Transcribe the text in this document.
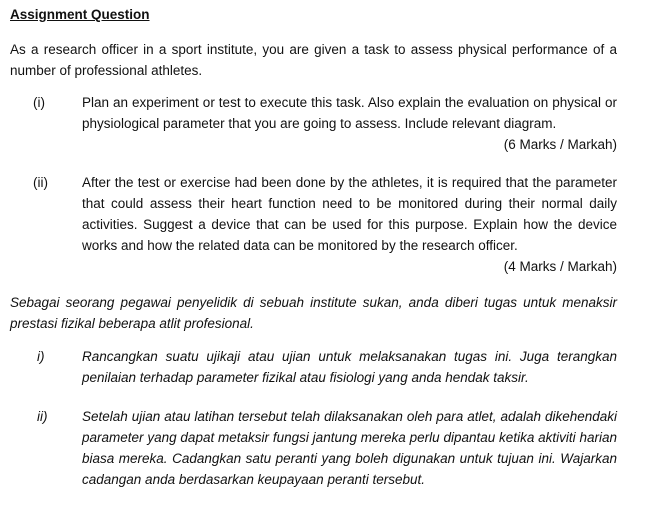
Assignment Question
As a research officer in a sport institute, you are given a task to assess physical performance of a number of professional athletes.
(i)	Plan an experiment or test to execute this task. Also explain the evaluation on physical or physiological parameter that you are going to assess. Include relevant diagram.
(6 Marks / Markah)
(ii)	After the test or exercise had been done by the athletes, it is required that the parameter that could assess their heart function need to be monitored during their normal daily activities. Suggest a device that can be used for this purpose. Explain how the device works and how the related data can be monitored by the research officer.
(4 Marks / Markah)
Sebagai seorang pegawai penyelidik di sebuah institute sukan, anda diberi tugas untuk menaksir prestasi fizikal beberapa atlit profesional.
i)	Rancangkan suatu ujikaji atau ujian untuk melaksanakan tugas ini. Juga terangkan penilaian terhadap parameter fizikal atau fisiologi yang anda hendak taksir.
ii)	Setelah ujian atau latihan tersebut telah dilaksanakan oleh para atlet, adalah dikehendaki parameter yang dapat metaksir fungsi jantung mereka perlu dipantau ketika aktiviti harian biasa mereka. Cadangkan satu peranti yang boleh digunakan untuk tujuan ini. Wajarkan cadangan anda berdasarkan keupayaan peranti tersebut.
